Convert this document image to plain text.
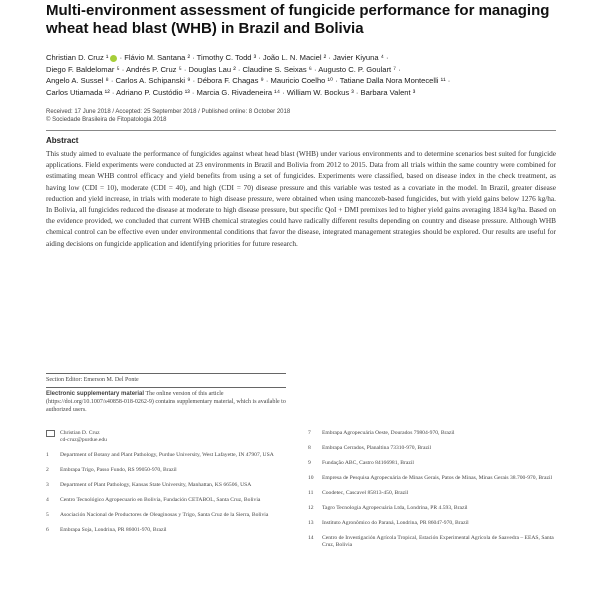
Multi-environment assessment of fungicide performance for managing
wheat head blast (WHB) in Brazil and Bolivia
Christian D. Cruz ¹ · Flávio M. Santana ² · Timothy C. Todd ³ · João L. N. Maciel ² · Javier Kiyuna ⁴ ·
Diego F. Baldelomar ⁵ · Andrés P. Cruz ⁵ · Douglas Lau ² · Claudine S. Seixas ⁶ · Augusto C. P. Goulart ⁷ ·
Angelo A. Sussel ⁸ · Carlos A. Schipanski ⁹ · Débora F. Chagas ⁹ · Mauricio Coelho ¹⁰ · Tatiane Dalla Nora Montecelli ¹¹ ·
Carlos Utiamada ¹² · Adriano P. Custódio ¹³ · Marcia G. Rivadeneira ¹⁴ · William W. Bockus ³ · Barbara Valent ³
Received: 17 June 2018 / Accepted: 25 September 2018 / Published online: 8 October 2018
© Sociedade Brasileira de Fitopatologia 2018
Abstract
This study aimed to evaluate the performance of fungicides against wheat head blast (WHB) under various environments and to determine scenarios best suited for fungicide applications. Field experiments were conducted at 23 environments in Brazil and Bolivia from 2012 to 2015. Data from all trials within the same country were combined for estimating mean WHB control efficacy and yield benefits from using a set of fungicides. Experiments were classified, based on disease index in the check treatment, as having low (CDI = 10), moderate (CDI = 40), and high (CDI = 70) disease pressure and this variable was tested as a covariate in the model. In Brazil, greater disease reduction and yield increase, in trials with moderate to high disease pressure, were obtained when using mancozeb-based fungicides, but with yield gains below 1276 kg/ha. In Bolivia, all fungicides reduced the disease at moderate to high disease pressure, but specific QoI + DMI premixes led to higher yield gains averaging 1834 kg/ha. Based on the evidence provided, we concluded that current WHB chemical strategies could have radically different results depending on country and disease pressure. Although WHB chemical control can be effective even under environmental conditions that favor the disease, integrated management strategies should be explored. Our results are useful for aiding decisions on fungicide application and identifying priorities for future research.
Section Editor: Emerson M. Del Ponte
Electronic supplementary material The online version of this article (https://doi.org/10.1007/s40858-018-0262-9) contains supplementary material, which is available to authorized users.
Christian D. Cruz
cd-cruz@purdue.edu
1	Department of Botany and Plant Pathology, Purdue University, West Lafayette, IN 47907, USA
2	Embrapa Trigo, Passo Fundo, RS 99050-970, Brazil
3	Department of Plant Pathology, Kansas State University, Manhattan, KS 66506, USA
4	Centro Tecnológico Agropecuario en Bolivia, Fundación CETABOL, Santa Cruz, Bolivia
5	Asociación Nacional de Productores de Oleaginosas y Trigo, Santa Cruz de la Sierra, Bolivia
6	Embrapa Soja, Londrina, PR 86001-970, Brazil
7	Embrapa Agropecuária Oeste, Dourados 79804-970, Brazil
8	Embrapa Cerrados, Planaltina 73310-970, Brazil
9	Fundação ABC, Castro 84166981, Brazil
10	Empresa de Pesquisa Agropecuária de Minas Gerais, Patos de Minas, Minas Gerais 38.700-970, Brazil
11	Coodetec, Cascavel 85813-450, Brazil
12	Tagro Tecnologia Agropecuária Ltda, Londrina, PR 4.593, Brazil
13	Instituto Agronômico do Paraná, Londrina, PR 86047-970, Brazil
14	Centro de Investigación Agrícola Tropical, Estación Experimental Agrícola de Saavedra – EEAS, Santa Cruz, Bolivia
